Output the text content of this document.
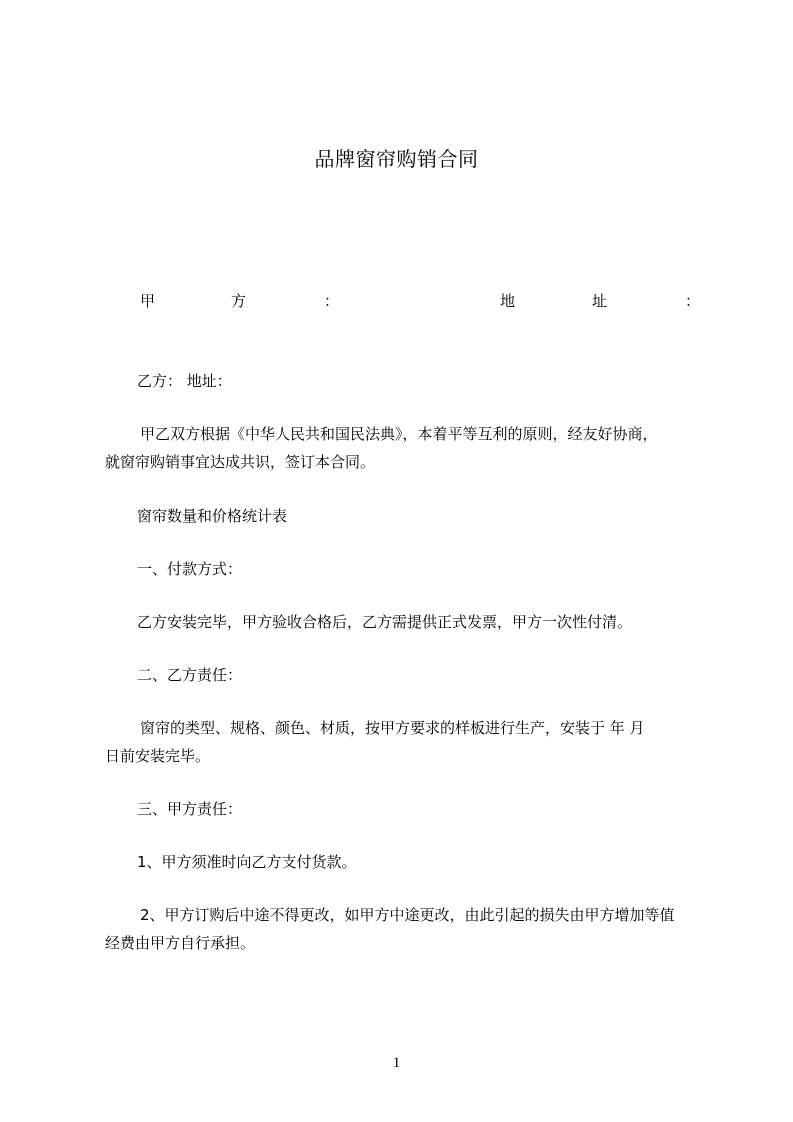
品牌窗帘购销合同
甲	方	：	地	址	：
乙方： 地址：
甲乙双方根据《中华人民共和国民法典》，本着平等互利的原则，经友好协商，
就窗帘购销事宜达成共识，签订本合同。
窗帘数量和价格统计表
一、付款方式：
乙方安装完毕，甲方验收合格后，乙方需提供正式发票，甲方一次性付清。
二、乙方责任：
窗帘的类型、规格、颜色、材质，按甲方要求的样板进行生产，安装于 年 月
日前安装完毕。
三、甲方责任：
1、甲方须准时向乙方支付货款。
2、甲方订购后中途不得更改，如甲方中途更改，由此引起的损失由甲方增加等值
经费由甲方自行承担。
1
